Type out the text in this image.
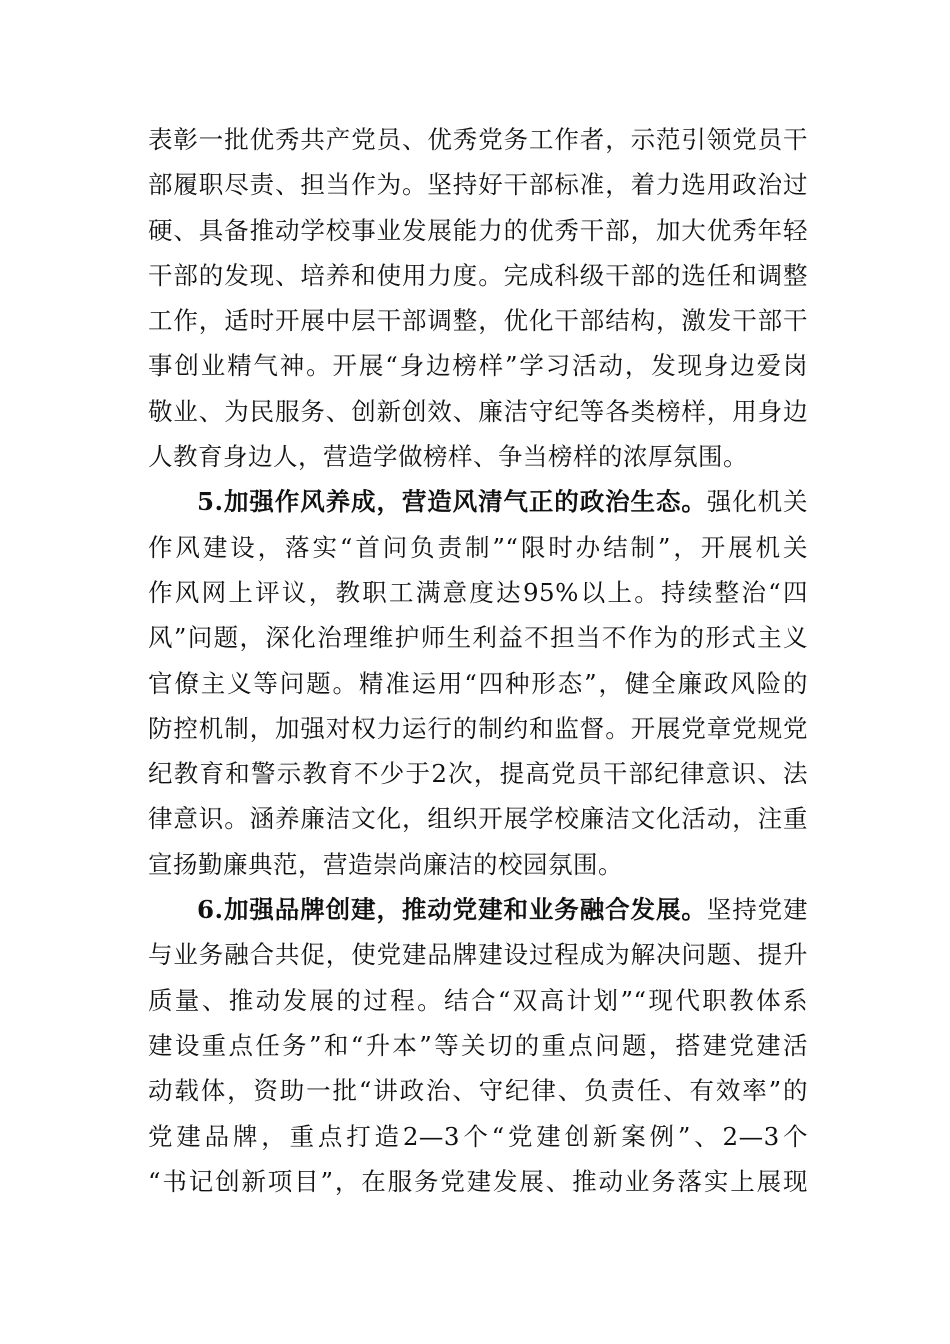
表彰一批优秀共产党员、优秀党务工作者，示范引领党员干
部履职尽责、担当作为。坚持好干部标准，着力选用政治过
硬、具备推动学校事业发展能力的优秀干部，加大优秀年轻
干部的发现、培养和使用力度。完成科级干部的选任和调整
工作，适时开展中层干部调整，优化干部结构，激发干部干
事创业精气神。开展“身边榜样”学习活动，发现身边爱岗
敬业、为民服务、创新创效、廉洁守纪等各类榜样，用身边
人教育身边人，营造学做榜样、争当榜样的浓厚氛围。
5.加强作风养成，营造风清气正的政治生态。强化机关
作风建设，落实“首问负责制”“限时办结制”，开展机关
作风网上评议，教职工满意度达95%以上。持续整治“四
风”问题，深化治理维护师生利益不担当不作为的形式主义
官僚主义等问题。精准运用“四种形态”，健全廉政风险的
防控机制，加强对权力运行的制约和监督。开展党章党规党
纪教育和警示教育不少于2次，提高党员干部纪律意识、法
律意识。涵养廉洁文化，组织开展学校廉洁文化活动，注重
宣扬勤廉典范，营造崇尚廉洁的校园氛围。
6.加强品牌创建，推动党建和业务融合发展。坚持党建
与业务融合共促，使党建品牌建设过程成为解决问题、提升
质量、推动发展的过程。结合“双高计划”“现代职教体系
建设重点任务”和“升本”等关切的重点问题，搭建党建活
动载体，资助一批“讲政治、守纪律、负责任、有效率”的
党建品牌，重点打造2—3个“党建创新案例”、2—3个
“书记创新项目”，在服务党建发展、推动业务落实上展现
